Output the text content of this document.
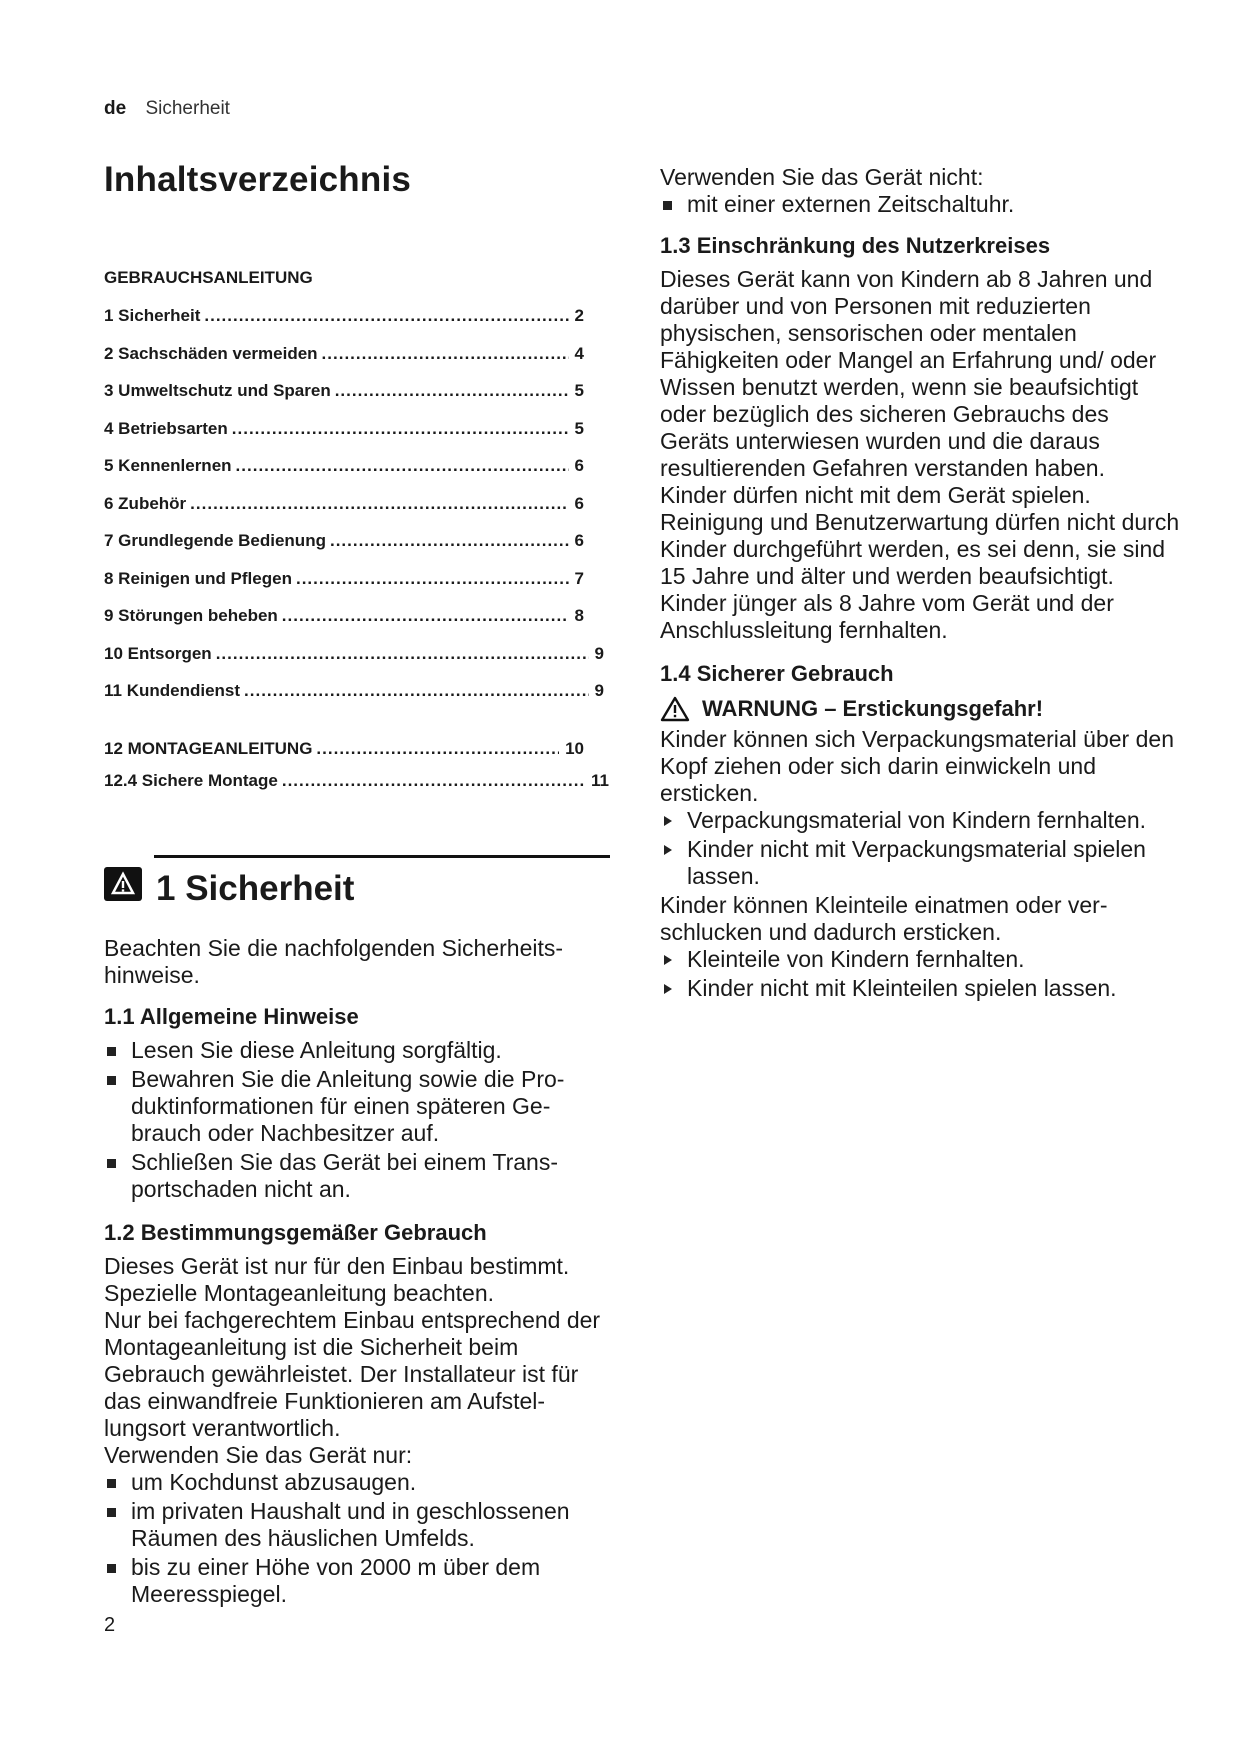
de Sicherheit
Inhaltsverzeichnis
GEBRAUCHSANLEITUNG
1 Sicherheit .....	2
2 Sachschäden vermeiden .....	4
3 Umweltschutz und Sparen .....	5
4 Betriebsarten .....	5
5 Kennenlernen .....	6
6 Zubehör .....	6
7 Grundlegende Bedienung .....	6
8 Reinigen und Pflegen .....	7
9 Störungen beheben .....	8
10 Entsorgen .....	9
11 Kundendienst .....	9
12 MONTAGEANLEITUNG .....	10
12.4 Sichere Montage .....	11
1 Sicherheit

Beachten Sie die nachfolgenden Sicherheitshinweise.

1.1 Allgemeine Hinweise
Lesen Sie diese Anleitung sorgfältig.
Bewahren Sie die Anleitung sowie die Produktinformationen für einen späteren Gebrauch oder Nachbesitzer auf.
Schließen Sie das Gerät bei einem Transportschaden nicht an.
1.2 Bestimmungsgemäßer Gebrauch

Dieses Gerät ist nur für den Einbau bestimmt. Spezielle Montageanleitung beachten.

Nur bei fachgerechtem Einbau entsprechend der Montageanleitung ist die Sicherheit beim Gebrauch gewährleistet. Der Installateur ist für das einwandfreie Funktionieren am Aufstellungsort verantwortlich.

Verwenden Sie das Gerät nur:

um Kochdunst abzusaugen.
im privaten Haushalt und in geschlossenen Räumen des häuslichen Umfelds.
bis zu einer Höhe von 2000 m über dem Meeresspiegel.

Verwenden Sie das Gerät nicht:

mit einer externen Zeitschaltuhr.
1.3 Einschränkung des Nutzerkreises

Dieses Gerät kann von Kindern ab 8 Jahren und darüber und von Personen mit reduzierten physischen, sensorischen oder mentalen Fähigkeiten oder Mangel an Erfahrung und/ oder Wissen benutzt werden, wenn sie beaufsichtigt oder bezüglich des sicheren Gebrauchs des Geräts unterwiesen wurden und die daraus resultierenden Gefahren verstanden haben.

Kinder dürfen nicht mit dem Gerät spielen.

Reinigung und Benutzerwartung dürfen nicht durch Kinder durchgeführt werden, es sei denn, sie sind 15 Jahre und älter und werden beaufsichtigt.

Kinder jünger als 8 Jahre vom Gerät und der Anschlussleitung fernhalten.

1.4 Sicherer Gebrauch
WARNUNG – Erstickungsgefahr!

Kinder können sich Verpackungsmaterial über den Kopf ziehen oder sich darin einwickeln und ersticken.

Verpackungsmaterial von Kindern fernhalten.
Kinder nicht mit Verpackungsmaterial spielen lassen.

Kinder können Kleinteile einatmen oder verschlucken und dadurch ersticken.

Kleinteile von Kindern fernhalten.
Kinder nicht mit Kleinteilen spielen lassen.
2
